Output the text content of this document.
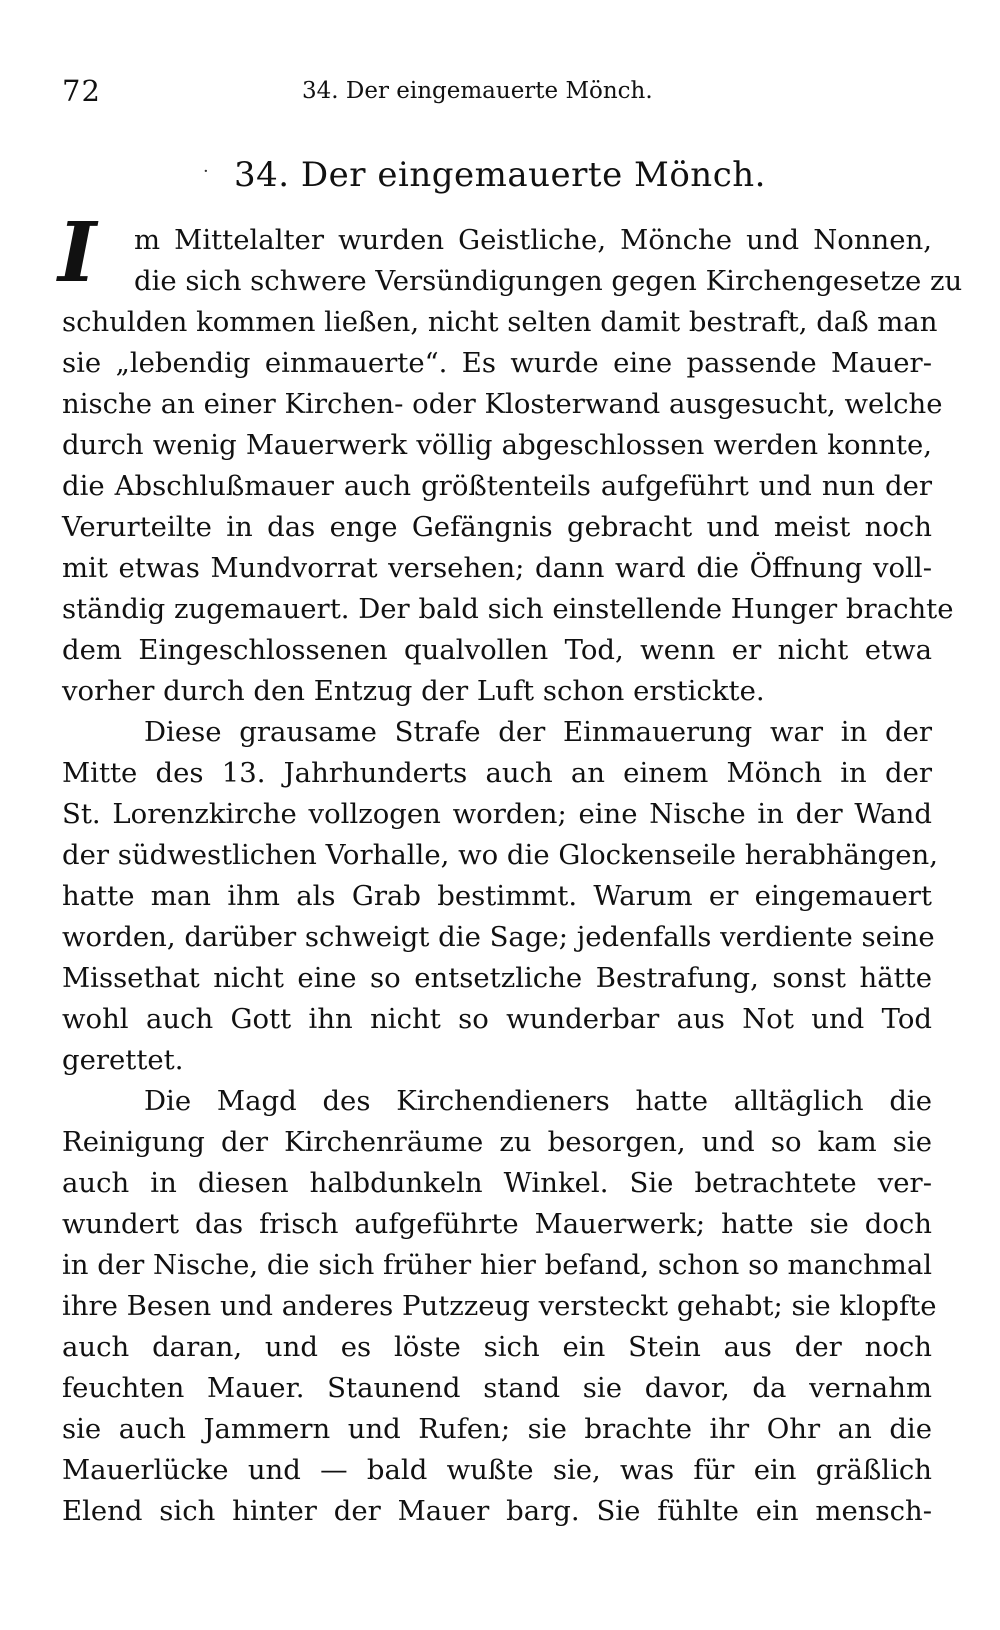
72	34. Der eingemauerte Mönch.
· 34. Der eingemauerte Mönch.
I	m Mittelalter wurden Geistliche, Mönche und Nonnen,
die sich schwere Versündigungen gegen Kirchengesetze zu
schulden kommen ließen, nicht selten damit bestraft, daß man
sie „lebendig einmauerte“. Es wurde eine passende Mauer-
nische an einer Kirchen- oder Klosterwand ausgesucht, welche
durch wenig Mauerwerk völlig abgeschlossen werden konnte,
die Abschlußmauer auch größtenteils aufgeführt und nun der
Verurteilte in das enge Gefängnis gebracht und meist noch
mit etwas Mundvorrat versehen; dann ward die Öffnung voll-
ständig zugemauert. Der bald sich einstellende Hunger brachte
dem Eingeschlossenen qualvollen Tod, wenn er nicht etwa
vorher durch den Entzug der Luft schon erstickte.
Diese grausame Strafe der Einmauerung war in der
Mitte des 13. Jahrhunderts auch an einem Mönch in der
St. Lorenzkirche vollzogen worden; eine Nische in der Wand
der südwestlichen Vorhalle, wo die Glockenseile herabhängen,
hatte man ihm als Grab bestimmt. Warum er eingemauert
worden, darüber schweigt die Sage; jedenfalls verdiente seine
Missethat nicht eine so entsetzliche Bestrafung, sonst hätte
wohl auch Gott ihn nicht so wunderbar aus Not und Tod
gerettet.
Die Magd des Kirchendieners hatte alltäglich die
Reinigung der Kirchenräume zu besorgen, und so kam sie
auch in diesen halbdunkeln Winkel. Sie betrachtete ver-
wundert das frisch aufgeführte Mauerwerk; hatte sie doch
in der Nische, die sich früher hier befand, schon so manchmal
ihre Besen und anderes Putzzeug versteckt gehabt; sie klopfte
auch daran, und es löste sich ein Stein aus der noch
feuchten Mauer. Staunend stand sie davor, da vernahm
sie auch Jammern und Rufen; sie brachte ihr Ohr an die
Mauerlücke und — bald wußte sie, was für ein gräßlich
Elend sich hinter der Mauer barg. Sie fühlte ein mensch-
